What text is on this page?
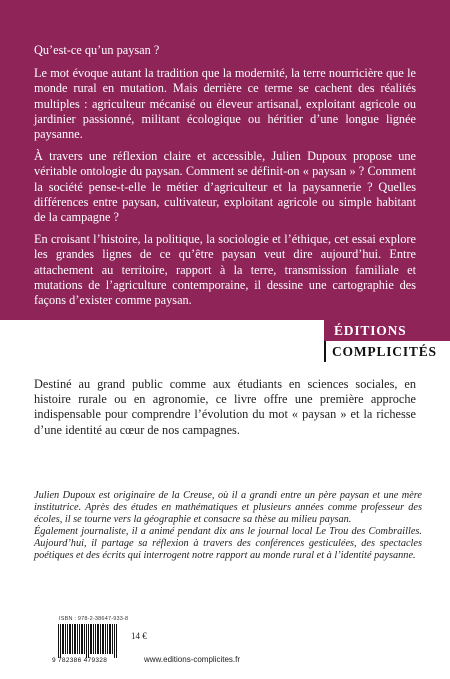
Qu’est-ce qu’un paysan ?

Le mot évoque autant la tradition que la modernité, la terre nourricière que le monde rural en mutation. Mais derrière ce terme se cachent des réalités multiples : agriculteur mécanisé ou éleveur artisanal, exploitant agricole ou jardinier passionné, militant écologique ou héritier d’une longue lignée paysanne.

À travers une réflexion claire et accessible, Julien Dupoux propose une véritable ontologie du paysan. Comment se définit-on « paysan » ? Comment la société pense-t-elle le métier d’agriculteur et la paysannerie ? Quelles différences entre paysan, cultivateur, exploitant agricole ou simple habitant de la campagne ?

En croisant l’histoire, la politique, la sociologie et l’éthique, cet essai explore les grandes lignes de ce qu’être paysan veut dire aujourd’hui. Entre attachement au territoire, rapport à la terre, transmission familiale et mutations de l’agriculture contemporaine, il dessine une cartographie des façons d’exister comme paysan.

ÉDITIONS
COMPLICITÉS

Destiné au grand public comme aux étudiants en sciences sociales, en histoire rurale ou en agronomie, ce livre offre une première approche indispensable pour comprendre l’évolution du mot « paysan » et la richesse d’une identité au cœur de nos campagnes.

Julien Dupoux est originaire de la Creuse, où il a grandi entre un père paysan et une mère institutrice. Après des études en mathématiques et plusieurs années comme professeur des écoles, il se tourne vers la géographie et consacre sa thèse au milieu paysan.

Également journaliste, il a animé pendant dix ans le journal local Le Trou des Combrailles. Aujourd’hui, il partage sa réflexion à travers des conférences gesticulées, des spectacles poétiques et des écrits qui interrogent notre rapport au monde rural et à l’identité paysanne.

ISBN : 978-2-38647-933-8
9 782386 479328
14 €
www.editions-complicites.fr
